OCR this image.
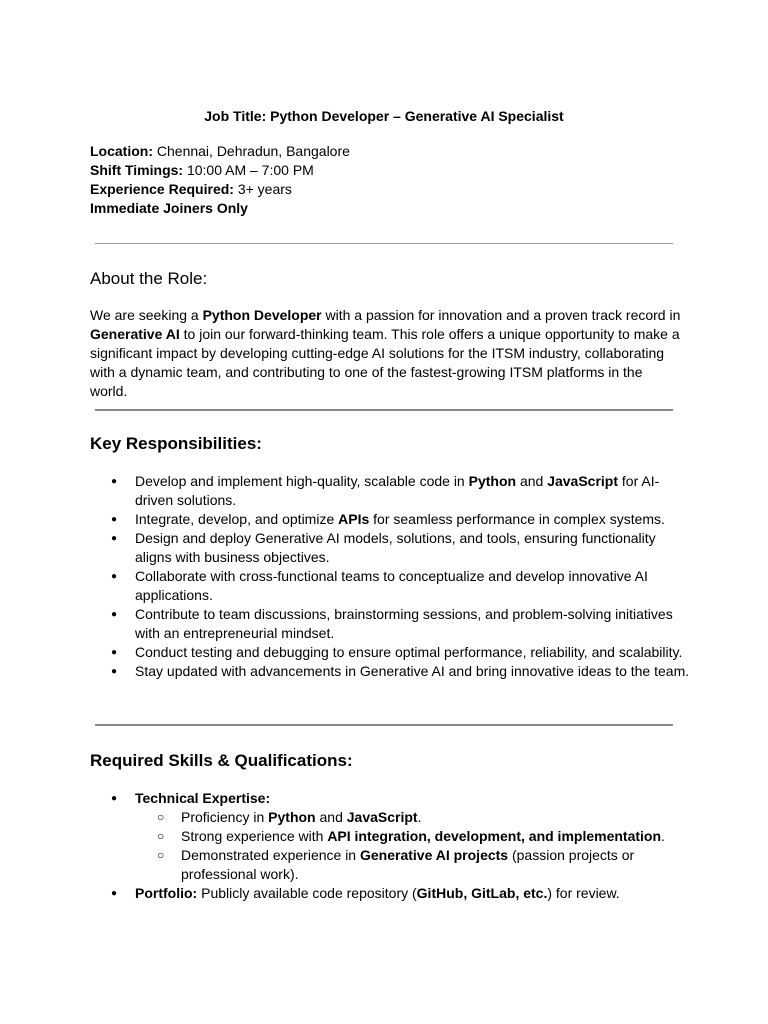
Job Title: Python Developer – Generative AI Specialist
Location: Chennai, Dehradun, Bangalore
Shift Timings: 10:00 AM – 7:00 PM
Experience Required: 3+ years
Immediate Joiners Only
About the Role:

We are seeking a Python Developer with a passion for innovation and a proven track record in Generative AI to join our forward-thinking team. This role offers a unique opportunity to make a significant impact by developing cutting-edge AI solutions for the ITSM industry, collaborating with a dynamic team, and contributing to one of the fastest-growing ITSM platforms in the world.

Key Responsibilities:
● Develop and implement high-quality, scalable code in Python and JavaScript for AI-driven solutions.
● Integrate, develop, and optimize APIs for seamless performance in complex systems.
● Design and deploy Generative AI models, solutions, and tools, ensuring functionality aligns with business objectives.
● Collaborate with cross-functional teams to conceptualize and develop innovative AI applications.
● Contribute to team discussions, brainstorming sessions, and problem-solving initiatives with an entrepreneurial mindset.
● Conduct testing and debugging to ensure optimal performance, reliability, and scalability.
● Stay updated with advancements in Generative AI and bring innovative ideas to the team.
Required Skills & Qualifications:
● Technical Expertise:
○ Proficiency in Python and JavaScript.
○ Strong experience with API integration, development, and implementation.
○ Demonstrated experience in Generative AI projects (passion projects or professional work).
● Portfolio: Publicly available code repository (GitHub, GitLab, etc.) for review.
